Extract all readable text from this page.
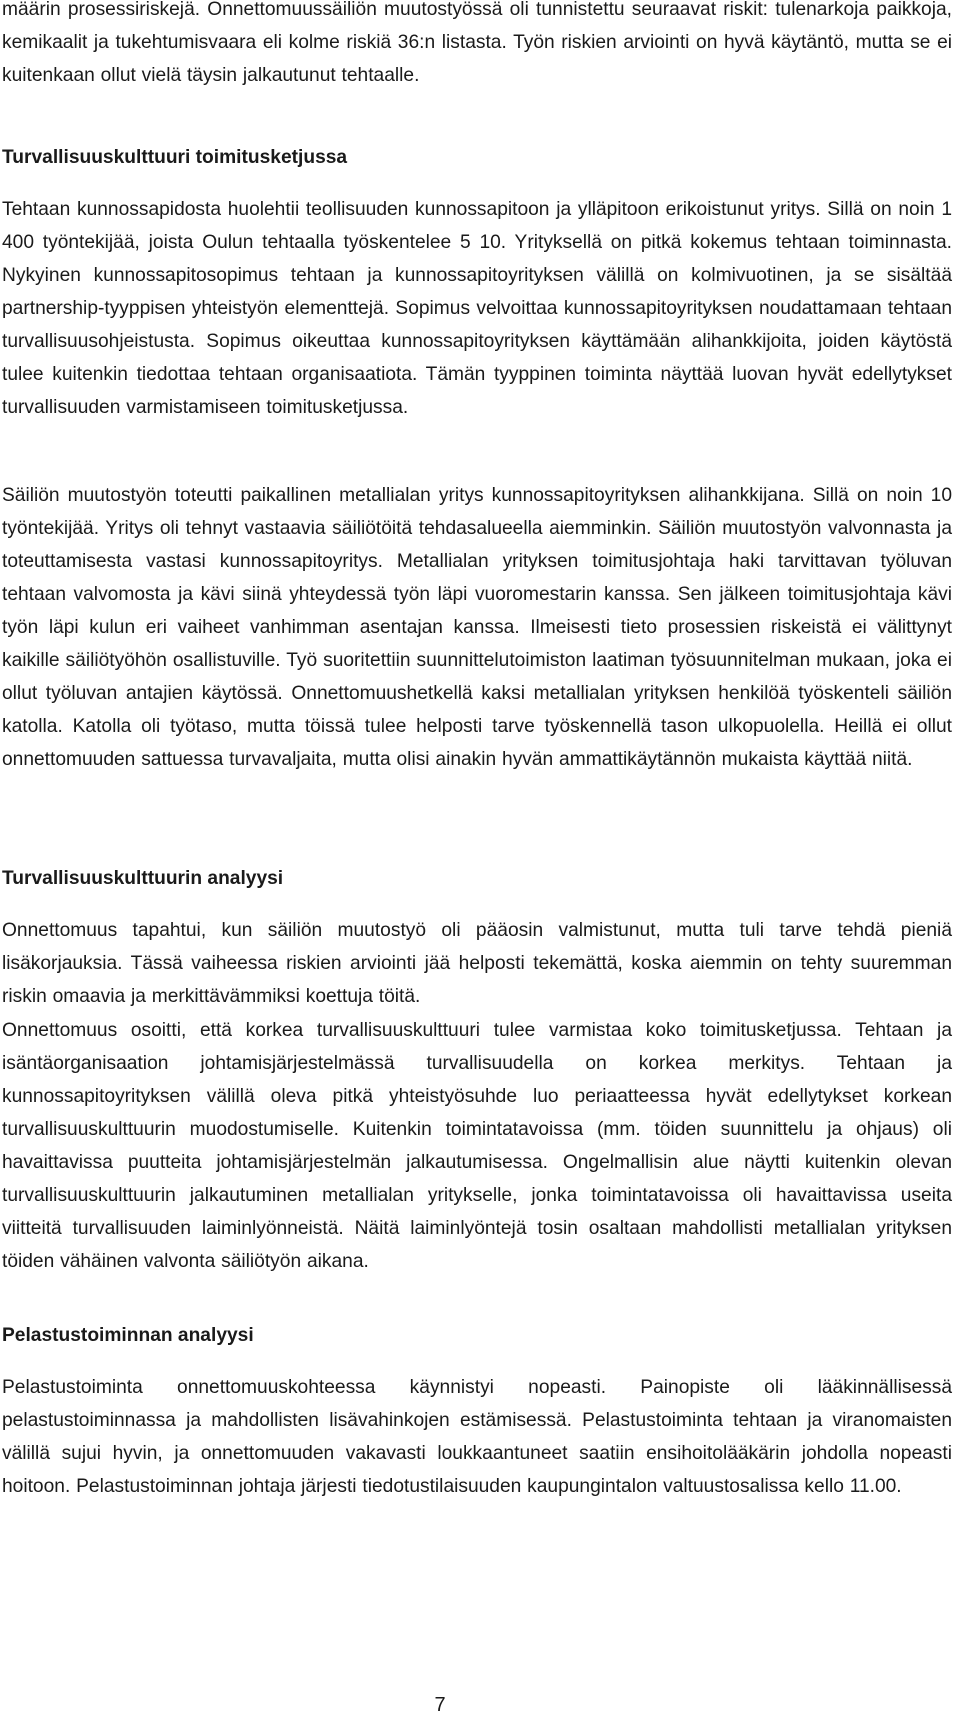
määrin prosessiriskejä. Onnettomuussäiliön muutostyössä oli tunnistettu seuraavat riskit: tulenarkoja paikkoja, kemikaalit ja tukehtumisvaara eli kolme riskiä 36:n listasta. Työn riskien arviointi on hyvä käytäntö, mutta se ei kuitenkaan ollut vielä täysin jalkautunut tehtaalle.

Turvallisuuskulttuuri toimitusketjussa

Tehtaan kunnossapidosta huolehtii teollisuuden kunnossapitoon ja ylläpitoon erikoistunut yritys. Sillä on noin 1 400 työntekijää, joista Oulun tehtaalla työskentelee 5 10. Yrityksellä on pitkä kokemus tehtaan toiminnasta. Nykyinen kunnossapitosopimus tehtaan ja kunnossapitoyrityksen välillä on kolmivuotinen, ja se sisältää partnership-tyyppisen yhteistyön elementtejä. Sopimus velvoittaa kunnossapitoyrityksen noudattamaan tehtaan turvallisuusohjeistusta. Sopimus oikeuttaa kunnossapitoyrityksen käyttämään alihankkijoita, joiden käytöstä tulee kuitenkin tiedottaa tehtaan organisaatiota. Tämän tyyppinen toiminta näyttää luovan hyvät edellytykset turvallisuuden varmistamiseen toimitusketjussa.

Säiliön muutostyön toteutti paikallinen metallialan yritys kunnossapitoyrityksen alihankkijana. Sillä on noin 10 työntekijää. Yritys oli tehnyt vastaavia säiliötöitä tehdasalueella aiemminkin. Säiliön muutostyön valvonnasta ja toteuttamisesta vastasi kunnossapitoyritys. Metallialan yrityksen toimitusjohtaja haki tarvittavan työluvan tehtaan valvomosta ja kävi siinä yhteydessä työn läpi vuoromestarin kanssa. Sen jälkeen toimitusjohtaja kävi työn läpi kulun eri vaiheet vanhimman asentajan kanssa. Ilmeisesti tieto prosessien riskeistä ei välittynyt kaikille säiliötyöhön osallistuville. Työ suoritettiin suunnittelutoimiston laatiman työsuunnitelman mukaan, joka ei ollut työluvan antajien käytössä. Onnettomuushetkellä kaksi metallialan yrityksen henkilöä työskenteli säiliön katolla. Katolla oli työtaso, mutta töissä tulee helposti tarve työskennellä tason ulkopuolella. Heillä ei ollut onnettomuuden sattuessa turvavaljaita, mutta olisi ainakin hyvän ammattikäytännön mukaista käyttää niitä.

Turvallisuuskulttuurin analyysi

Onnettomuus tapahtui, kun säiliön muutostyö oli pääosin valmistunut, mutta tuli tarve tehdä pieniä lisäkorjauksia. Tässä vaiheessa riskien arviointi jää helposti tekemättä, koska aiemmin on tehty suuremman riskin omaavia ja merkittävämmiksi koettuja töitä.

Onnettomuus osoitti, että korkea turvallisuuskulttuuri tulee varmistaa koko toimitusketjussa. Tehtaan ja isäntäorganisaation johtamisjärjestelmässä turvallisuudella on korkea merkitys. Tehtaan ja kunnossapitoyrityksen välillä oleva pitkä yhteistyösuhde luo periaatteessa hyvät edellytykset korkean turvallisuuskulttuurin muodostumiselle. Kuitenkin toimintatavoissa (mm. töiden suunnittelu ja ohjaus) oli havaittavissa puutteita johtamisjärjestelmän jalkautumisessa. Ongelmallisin alue näytti kuitenkin olevan turvallisuuskulttuurin jalkautuminen metallialan yritykselle, jonka toimintatavoissa oli havaittavissa useita viitteitä turvallisuuden laiminlyönneistä. Näitä laiminlyöntejä tosin osaltaan mahdollisti metallialan yrityksen töiden vähäinen valvonta säiliötyön aikana.

Pelastustoiminnan analyysi

Pelastustoiminta onnettomuuskohteessa käynnistyi nopeasti. Painopiste oli lääkinnällisessä pelastustoiminnassa ja mahdollisten lisävahinkojen estämisessä. Pelastustoiminta tehtaan ja viranomaisten välillä sujui hyvin, ja onnettomuuden vakavasti loukkaantuneet saatiin ensihoitolääkärin johdolla nopeasti hoitoon. Pelastustoiminnan johtaja järjesti tiedotustilaisuuden kaupungintalon valtuustosalissa kello 11.00.

7
